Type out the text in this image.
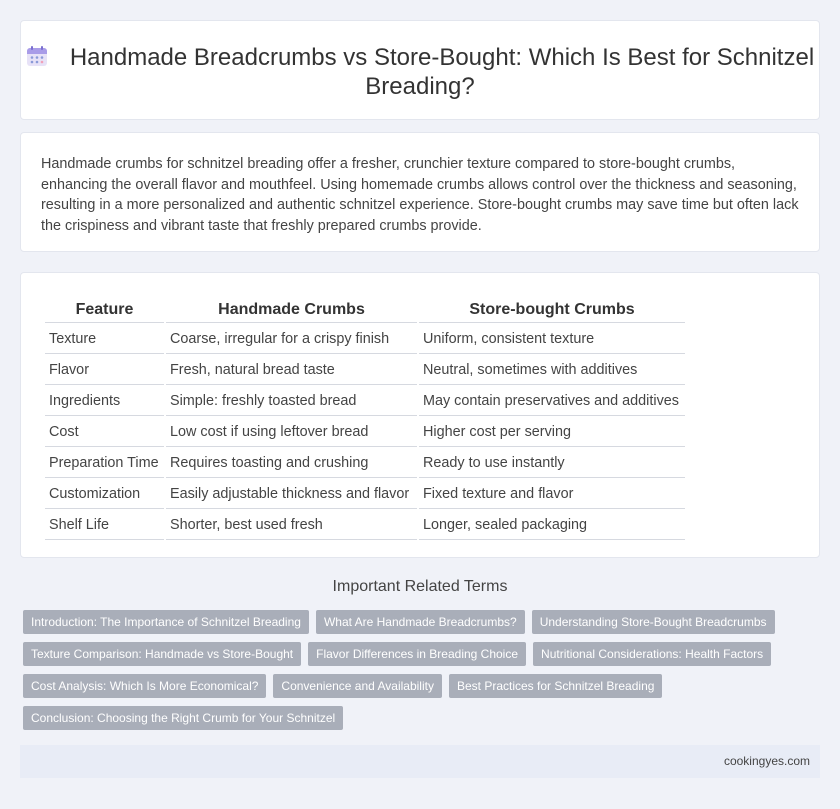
Handmade Breadcrumbs vs Store-Bought: Which Is Best for Schnitzel Breading?

Handmade crumbs for schnitzel breading offer a fresher, crunchier texture compared to store-bought crumbs, enhancing the overall flavor and mouthfeel. Using homemade crumbs allows control over the thickness and seasoning, resulting in a more personalized and authentic schnitzel experience. Store-bought crumbs may save time but often lack the crispiness and vibrant taste that freshly prepared crumbs provide.

Feature	Handmade Crumbs	Store-bought Crumbs
Texture	Coarse, irregular for a crispy finish	Uniform, consistent texture
Flavor	Fresh, natural bread taste	Neutral, sometimes with additives
Ingredients	Simple: freshly toasted bread	May contain preservatives and additives
Cost	Low cost if using leftover bread	Higher cost per serving
Preparation Time	Requires toasting and crushing	Ready to use instantly
Customization	Easily adjustable thickness and flavor	Fixed texture and flavor
Shelf Life	Shorter, best used fresh	Longer, sealed packaging
Important Related Terms
Introduction: The Importance of Schnitzel Breading What Are Handmade Breadcrumbs? Understanding Store-Bought BreadcrumbsTexture Comparison: Handmade vs Store-Bought Flavor Differences in Breading Choice Nutritional Considerations: Health FactorsCost Analysis: Which Is More Economical? Convenience and Availability Best Practices for Schnitzel BreadingConclusion: Choosing the Right Crumb for Your Schnitzel
cookingyes.com
